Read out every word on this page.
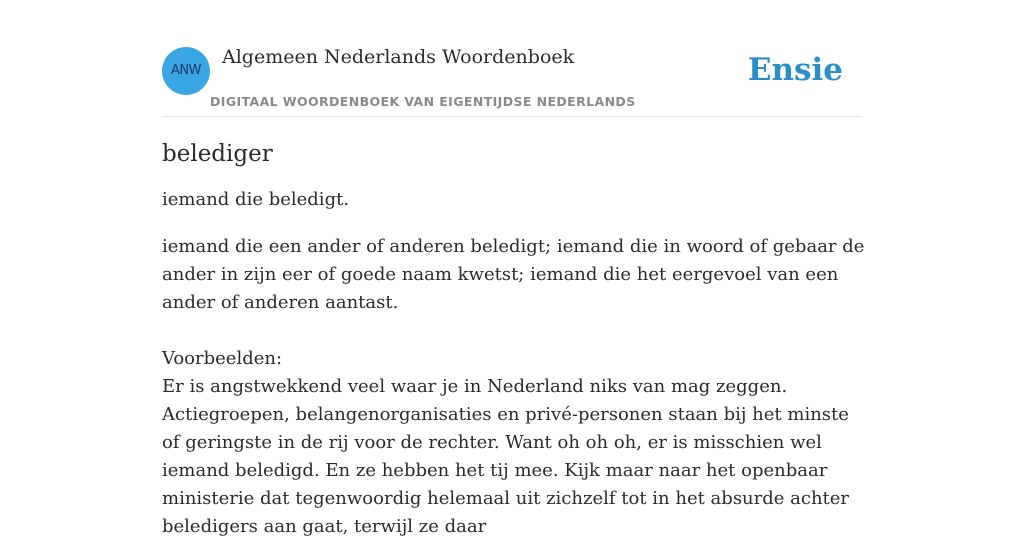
ANW
Algemeen Nederlands Woordenboek
DIGITAAL WOORDENBOEK VAN EIGENTIJDSE NEDERLANDS
Ensie
belediger

iemand die beledigt.

iemand die een ander of anderen beledigt; iemand die in woord of gebaar de ander in zijn eer of goede naam kwetst; iemand die het eergevoel van een ander of anderen aantast.

Voorbeelden:

Er is angstwekkend veel waar je in Nederland niks van mag zeggen. Actiegroepen, belangenorganisaties en privé-personen staan bij het minste of geringste in de rij voor de rechter. Want oh oh oh, er is misschien wel iemand beledigd. En ze hebben het tij mee. Kijk maar naar het openbaar ministerie dat tegenwoordig helemaal uit zichzelf tot in het absurde achter beledigers aan gaat, terwijl ze daar
